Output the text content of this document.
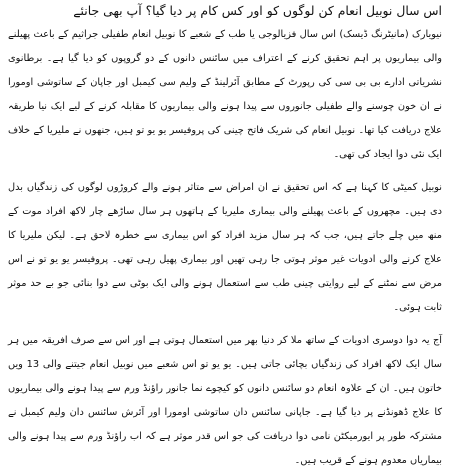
اس سال نوبیل انعام کن لوگوں کو اور کس کام پر دیا گیا؟ آپ بھی جانئے

نیویارک (مانیٹرنگ ڈیسک) اس سال فزیالوجی یا طب کے شعبے کا نوبیل انعام طفیلی جراثیم کے باعث پھیلنے والی بیماریوں پر اہم تحقیق کرنے کے اعتراف میں سائنس دانوں کے دو گروپوں کو دیا گیا ہے۔ برطانوی نشریاتی ادارے بی بی سی کی رپورٹ کے مطابق آئرلینڈ کے ولیم سی کیمبل اور جاپان کے ساتوشی اومورا نے ان خون چوسنے والے طفیلی جانوروں سے پیدا ہونے والی بیماریوں کا مقابلہ کرنے کے لیے ایک نیا طریقہ علاج دریافت کیا تھا۔ نوبیل انعام کی شریک فاتح چینی کی پروفیسر یو یو تو ہیں، جنھوں نے ملیریا کے خلاف ایک نئی دوا ایجاد کی تھی۔

نوبیل کمیٹی کا کہنا ہے کہ اس تحقیق نے ان امراض سے متاثر ہونے والے کروڑوں لوگوں کی زندگیاں بدل دی ہیں۔ مچھروں کے باعث پھیلنے والی بیماری ملیریا کے ہاتھوں ہر سال ساڑھے چار لاکھ افراد موت کے منھ میں چلے جاتے ہیں، جب کہ ہر سال مزید افراد کو اس بیماری سے خطرہ لاحق ہے۔ لیکن ملیریا کا علاج کرنے والی ادویات غیر موثر ہوتی جا رہی تھیں اور بیماری پھیل رہی تھی۔ پروفیسر یو یو تو نے اس مرض سے نمٹنے کے لیے روایتی چینی طب سے استعمال ہونے والی ایک بوٹی سے دوا بنائی جو بے حد موثر ثابت ہوئی۔

آج یہ دوا دوسری ادویات کے ساتھ ملا کر دنیا بھر میں استعمال ہوتی ہے اور اس سے صرف افریقہ میں ہر سال ایک لاکھ افراد کی زندگیاں بچائی جاتی ہیں۔ یو یو تو اس شعبے میں نوبیل انعام جیتنے والی 13 ویں خاتون ہیں۔ ان کے علاوہ انعام دو سائنس دانوں کو کیچوے نما جانور راؤنڈ ورم سے پیدا ہونے والی بیماریوں کا علاج ڈھونڈنے پر دیا گیا ہے۔ جاپانی سائنس دان ساتوشی اومورا اور آئرش سائنس دان ولیم کیمبل نے مشترکہ طور پر ایورمیکٹن نامی دوا دریافت کی جو اس قدر موثر ہے کہ اب راؤنڈ ورم سے پیدا ہونے والی بیماریاں معدوم ہونے کے قریب ہیں۔
